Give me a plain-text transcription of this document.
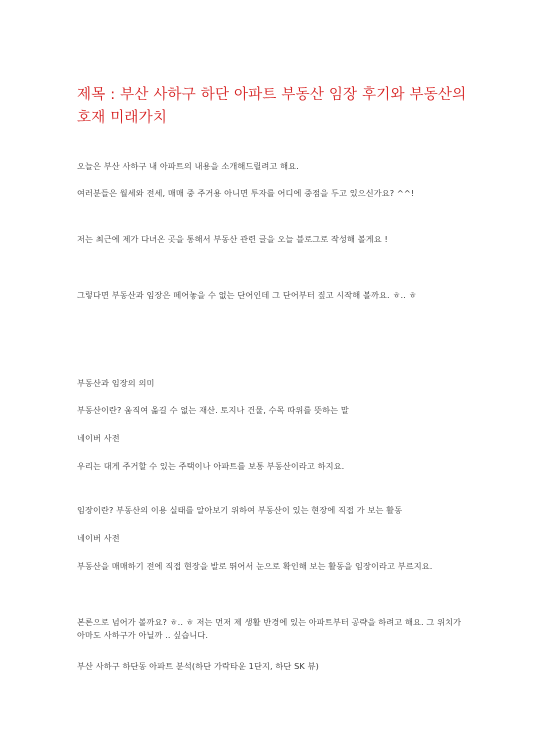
제목 : 부산 사하구 하단 아파트 부동산 임장 후기와 부동산의 호재 미래가치
오늘은 부산 사하구 내 아파트의 내용을 소개해드릴려고 해요.
여러분들은 월세와 전세, 매매 중 주거용 아니면 투자를 어디에 중점을 두고 있으신가요? ^^!
저는 최근에 제가 다녀온 곳을 통해서 부동산 관련 글을 오늘 블로그로 작성해 볼게요 !
그렇다면 부동산과 임장은 떼어놓을 수 없는 단어인데 그 단어부터 짚고 시작해 볼까요. ㅎ.. ㅎ
부동산과 임장의 의미
부동산이란? 움직여 옮길 수 없는 재산. 토지나 건물, 수목 따위를 뜻하는 말
네이버 사전
우리는 대게 주거할 수 있는 주택이나 아파트를 보통 부동산이라고 하지요.
임장이란? 부동산의 이용 실태를 알아보기 위하여 부동산이 있는 현장에 직접 가 보는 활동
네이버 사전
부동산을 매매하기 전에 직접 현장을 발로 뛰어서 눈으로 확인해 보는 활동을 임장이라고 부르지요.
본론으로 넘어가 볼까요? ㅎ.. ㅎ 저는 먼저 제 생활 반경에 있는 아파트부터 공략을 하려고 해요. 그 위치가 아마도 사하구가 아닐까 .. 싶습니다.
부산 사하구 하단동 아파트 분석(하단 가락타운 1단지, 하단 SK 뷰)
